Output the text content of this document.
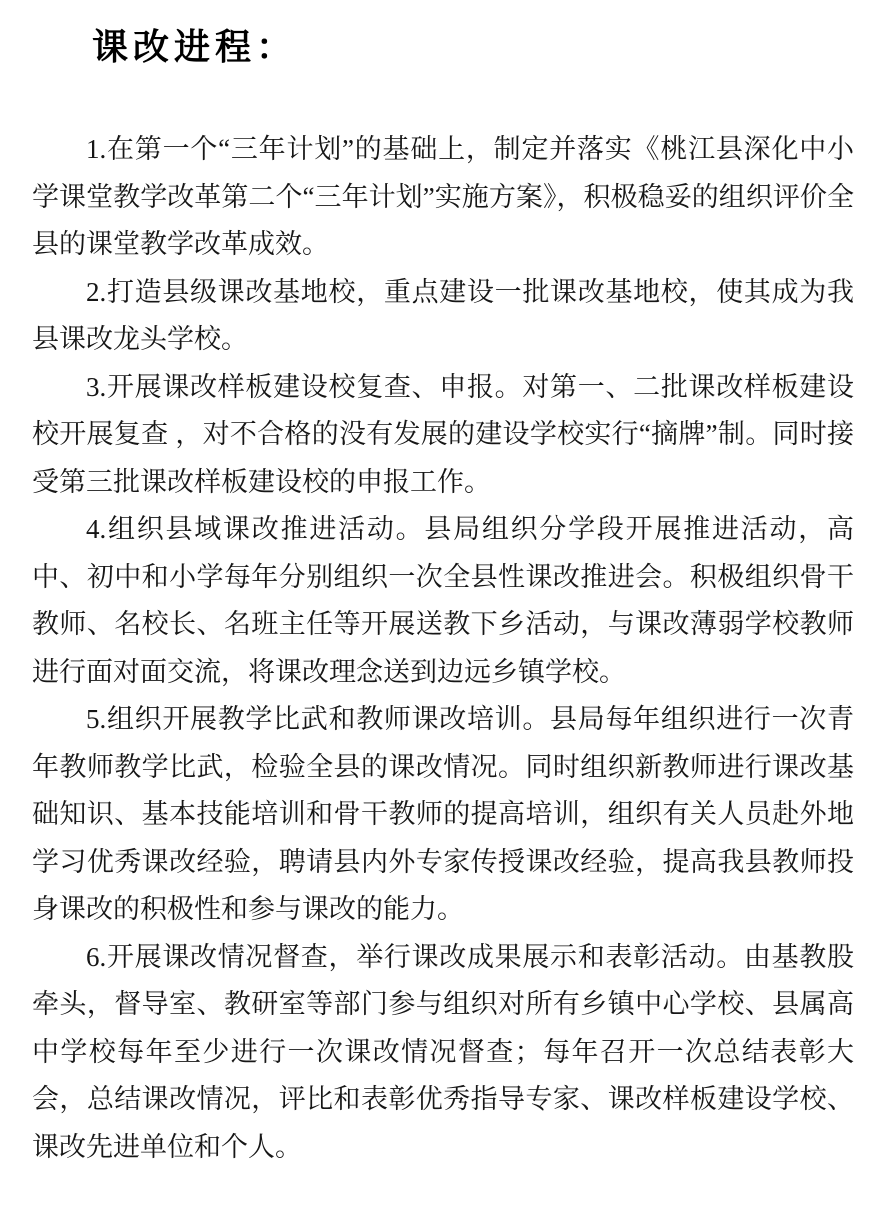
课改进程：

1.在第一个“三年计划”的基础上，制定并落实《桃江县深化中小学课堂教学改革第二个“三年计划”实施方案》，积极稳妥的组织评价全县的课堂教学改革成效。

2.打造县级课改基地校，重点建设一批课改基地校，使其成为我县课改龙头学校。

3.开展课改样板建设校复查、申报。对第一、二批课改样板建设校开展复查 ，对不合格的没有发展的建设学校实行“摘牌”制。同时接受第三批课改样板建设校的申报工作。

4.组织县域课改推进活动。县局组织分学段开展推进活动，高中、初中和小学每年分别组织一次全县性课改推进会。积极组织骨干教师、名校长、名班主任等开展送教下乡活动，与课改薄弱学校教师进行面对面交流，将课改理念送到边远乡镇学校。

5.组织开展教学比武和教师课改培训。县局每年组织进行一次青年教师教学比武，检验全县的课改情况。同时组织新教师进行课改基础知识、基本技能培训和骨干教师的提高培训，组织有关人员赴外地学习优秀课改经验，聘请县内外专家传授课改经验，提高我县教师投身课改的积极性和参与课改的能力。

6.开展课改情况督查，举行课改成果展示和表彰活动。由基教股牵头，督导室、教研室等部门参与组织对所有乡镇中心学校、县属高中学校每年至少进行一次课改情况督查；每年召开一次总结表彰大会，总结课改情况，评比和表彰优秀指导专家、课改样板建设学校、课改先进单位和个人。
